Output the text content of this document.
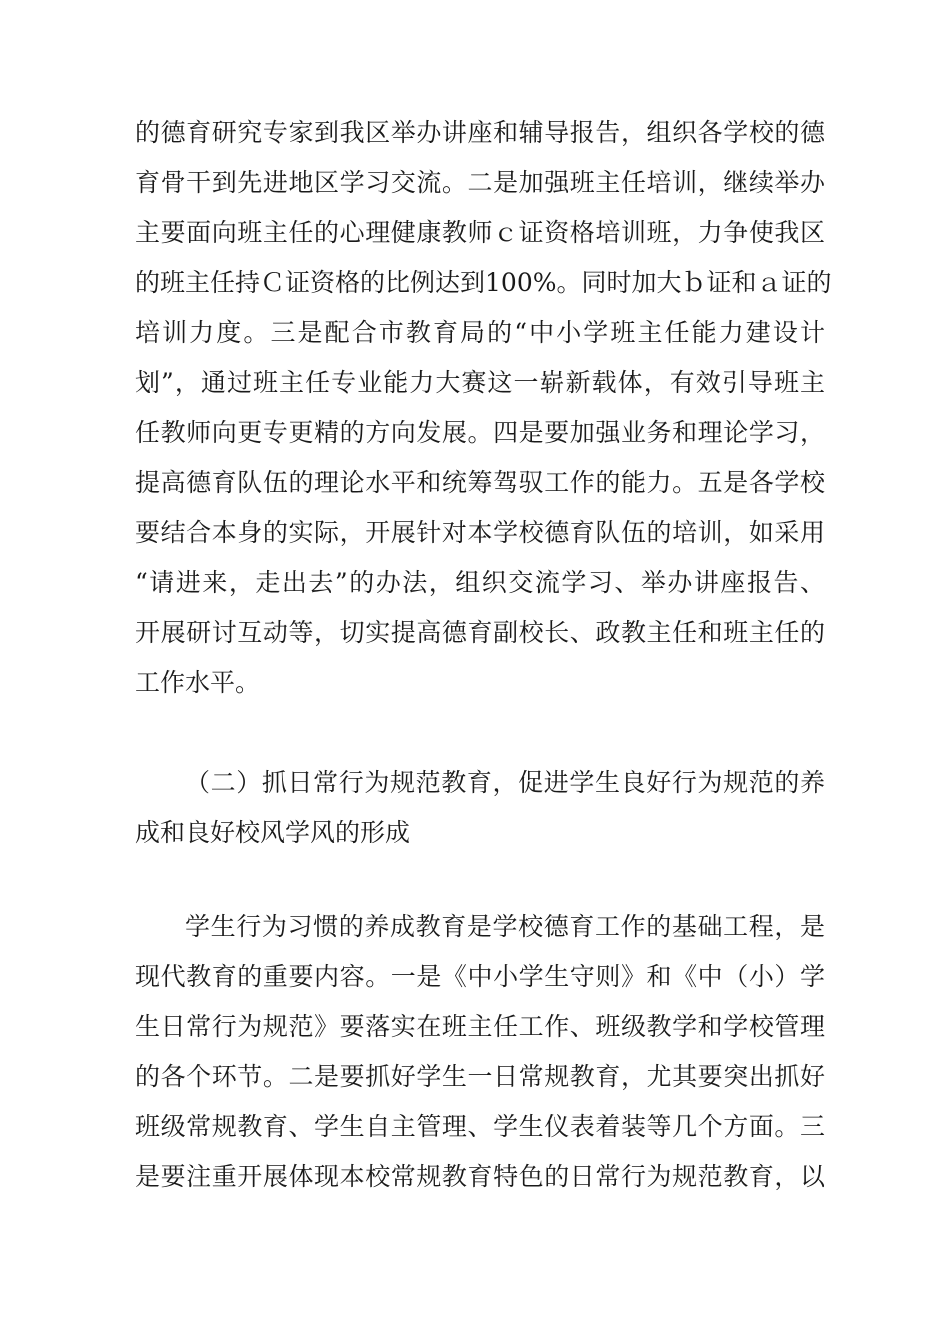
的德育研究专家到我区举办讲座和辅导报告，组织各学校的德
育骨干到先进地区学习交流。二是加强班主任培训，继续举办
主要面向班主任的心理健康教师ｃ证资格培训班，力争使我区
的班主任持Ｃ证资格的比例达到100%。同时加大ｂ证和ａ证的
培训力度。三是配合市教育局的“中小学班主任能力建设计
划”，通过班主任专业能力大赛这一崭新载体，有效引导班主
任教师向更专更精的方向发展。四是要加强业务和理论学习，
提高德育队伍的理论水平和统筹驾驭工作的能力。五是各学校
要结合本身的实际，开展针对本学校德育队伍的培训，如采用
“请进来，走出去”的办法，组织交流学习、举办讲座报告、
开展研讨互动等，切实提高德育副校长、政教主任和班主任的
工作水平。
（二）抓日常行为规范教育，促进学生良好行为规范的养
成和良好校风学风的形成
学生行为习惯的养成教育是学校德育工作的基础工程，是
现代教育的重要内容。一是《中小学生守则》和《中（小）学
生日常行为规范》要落实在班主任工作、班级教学和学校管理
的各个环节。二是要抓好学生一日常规教育，尤其要突出抓好
班级常规教育、学生自主管理、学生仪表着装等几个方面。三
是要注重开展体现本校常规教育特色的日常行为规范教育，以
